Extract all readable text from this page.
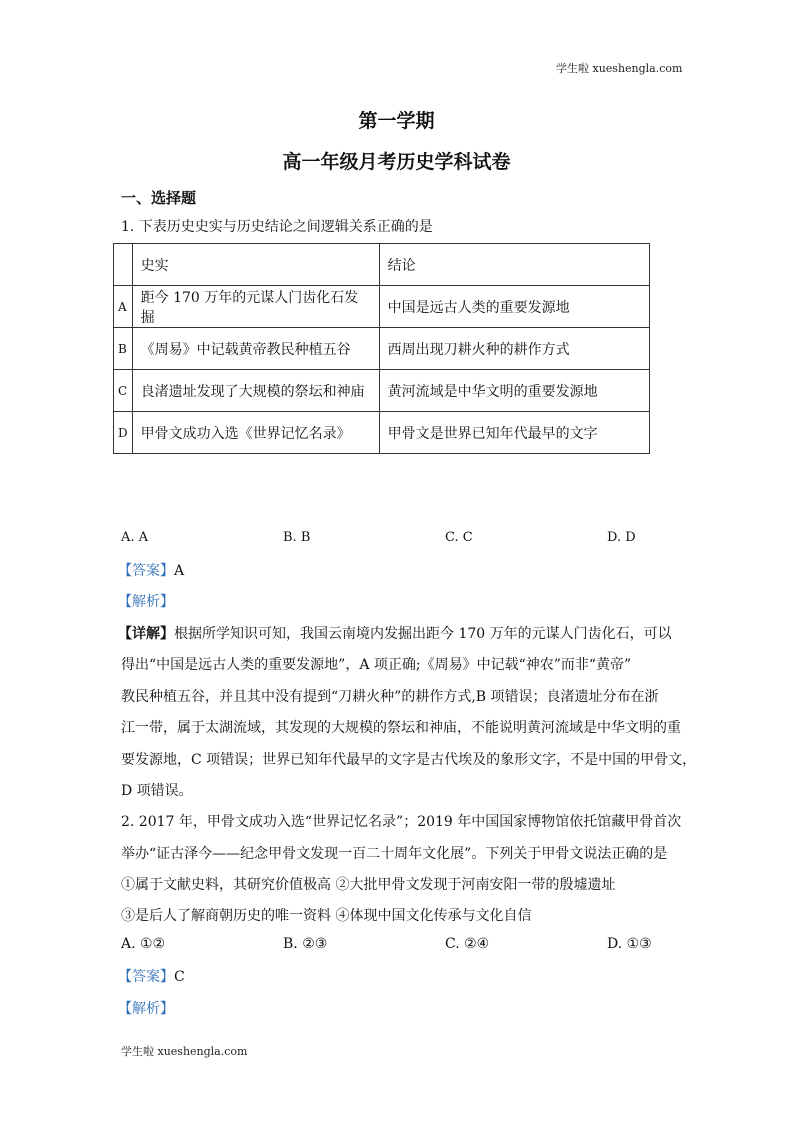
学生啦 xueshengla.com
第一学期
高一年级月考历史学科试卷
一、选择题
1. 下表历史史实与历史结论之间逻辑关系正确的是
	史实	结论
A	距今 170 万年的元谋人门齿化石发掘	中国是远古人类的重要发源地
B	《周易》中记载黄帝教民种植五谷	西周出现刀耕火种的耕作方式
C	良渚遗址发现了大规模的祭坛和神庙	黄河流域是中华文明的重要发源地
D	甲骨文成功入选《世界记忆名录》	甲骨文是世界已知年代最早的文字
A. A	B. B	C. C	D. D
【答案】A
【解析】
【详解】根据所学知识可知，我国云南境内发掘出距今 170 万年的元谋人门齿化石，可以
得出“中国是远古人类的重要发源地”，A 项正确;《周易》中记载“神农”而非“黄帝”
教民种植五谷，并且其中没有提到“刀耕火种”的耕作方式,B 项错误；良渚遗址分布在浙
江一带，属于太湖流域，其发现的大规模的祭坛和神庙，不能说明黄河流域是中华文明的重
要发源地，C 项错误；世界已知年代最早的文字是古代埃及的象形文字，不是中国的甲骨文，
D 项错误。
2. 2017 年，甲骨文成功入选“世界记忆名录”；2019 年中国国家博物馆依托馆藏甲骨首次
举办“证古泽今——纪念甲骨文发现一百二十周年文化展”。下列关于甲骨文说法正确的是
①属于文献史料，其研究价值极高 ②大批甲骨文发现于河南安阳一带的殷墟遗址
③是后人了解商朝历史的唯一资料 ④体现中国文化传承与文化自信
A. ①②	B. ②③	C. ②④	D. ①③
【答案】C
【解析】
学生啦 xueshengla.com
